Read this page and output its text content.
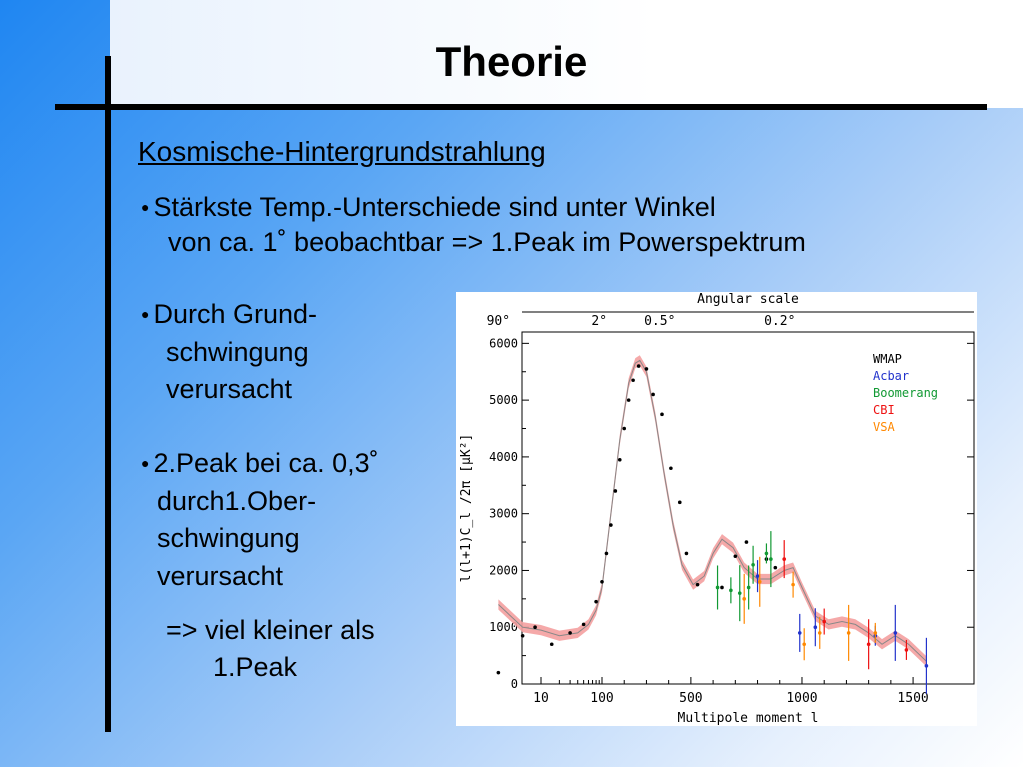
Theorie
Kosmische-Hintergrundstrahlung
● Stärkste Temp.-Unterschiede sind unter Winkel
von ca. 1˚ beobachtbar => 1.Peak im Powerspektrum
● Durch Grund-
schwingung
verursacht
● 2.Peak bei ca. 0,3˚
durch1.Ober-
schwingung
verursacht
=> viel kleiner als
1.Peak
Angular scale
90°	2°	0.5°	0.2°
0
1000
2000
3000
4000
5000
6000
10	100	500	1000	1500
Multipole moment l
l(l+1)C_l /2π [μK²]
WMAP
Acbar
Boomerang
CBI
VSA
